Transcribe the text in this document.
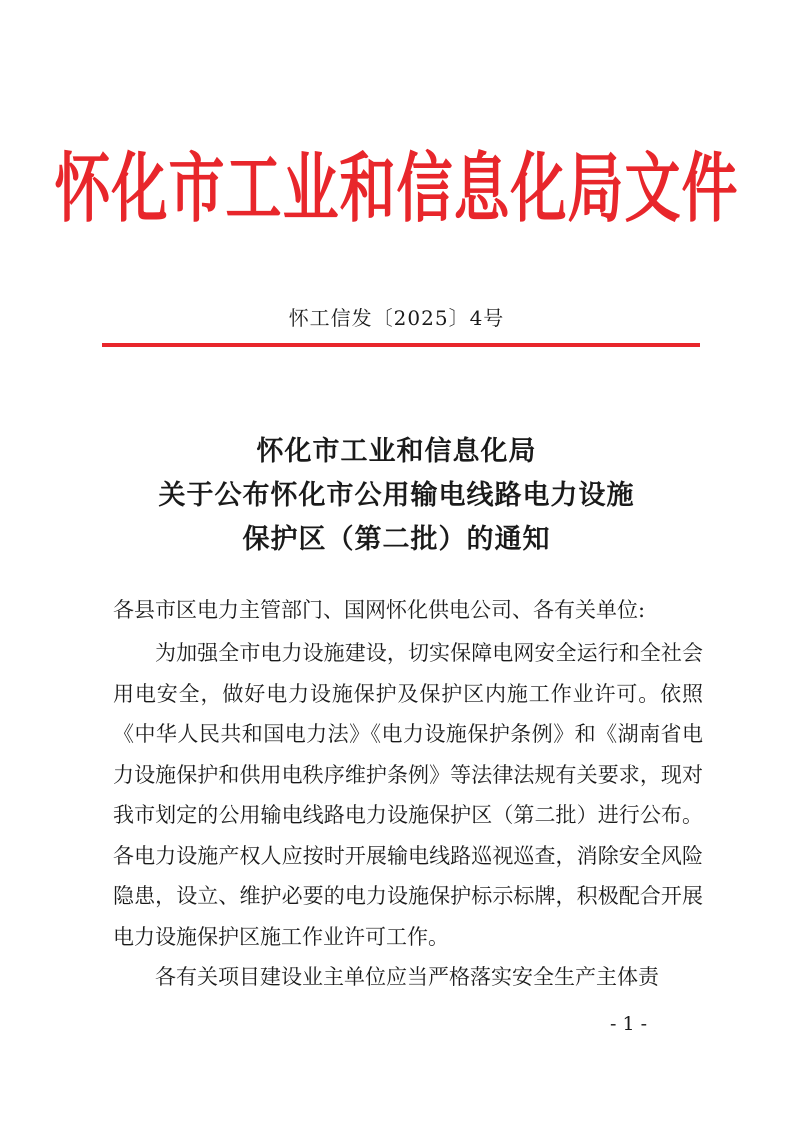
怀化市工业和信息化局文件
怀工信发〔2025〕4号
怀化市工业和信息化局
关于公布怀化市公用输电线路电力设施
保护区（第二批）的通知
各县市区电力主管部门、国网怀化供电公司、各有关单位:

为加强全市电力设施建设，切实保障电网安全运行和全社会用电安全，做好电力设施保护及保护区内施工作业许可。依照《中华人民共和国电力法》《电力设施保护条例》和《湖南省电力设施保护和供用电秩序维护条例》等法律法规有关要求，现对我市划定的公用输电线路电力设施保护区（第二批）进行公布。各电力设施产权人应按时开展输电线路巡视巡查，消除安全风险隐患，设立、维护必要的电力设施保护标示标牌，积极配合开展电力设施保护区施工作业许可工作。

各有关项目建设业主单位应当严格落实安全生产主体责

- 1 -
